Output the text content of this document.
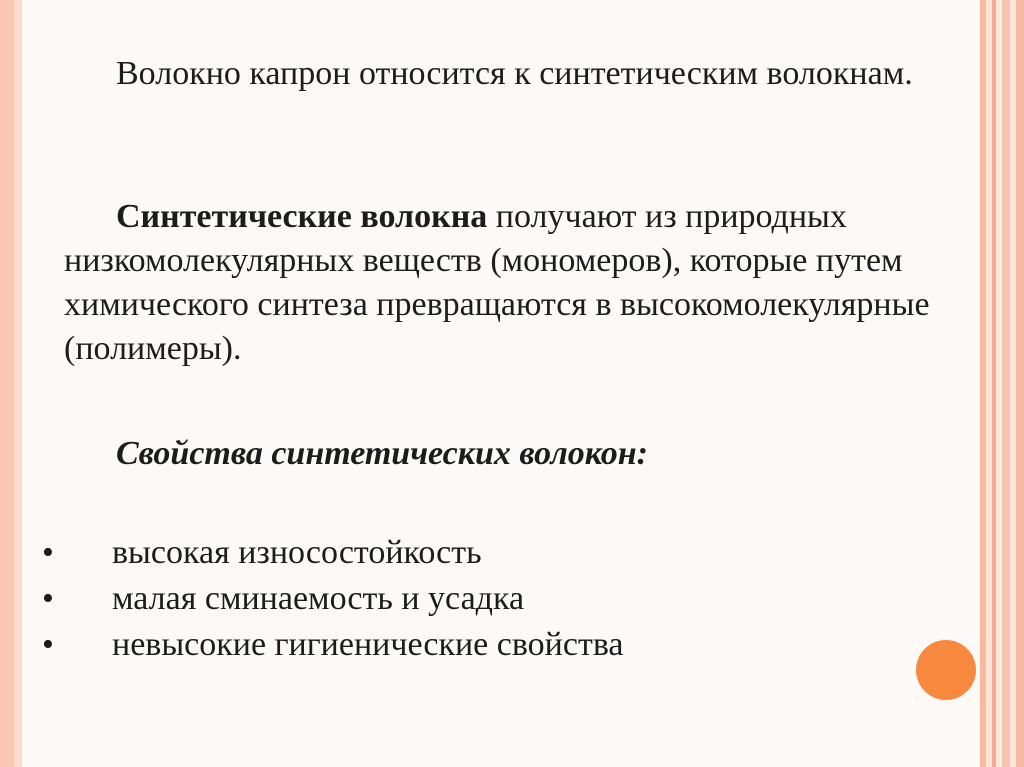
Волокно капрон относится к синтетическим волокнам.

Синтетические волокна получают из природных низкомолекулярных веществ (мономеров), которые путем химического синтеза превращаются в высокомолекулярные (полимеры).

Свойства синтетических волокон:

• высокая износостойкость
• малая сминаемость и усадка
• невысокие гигиенические свойства
